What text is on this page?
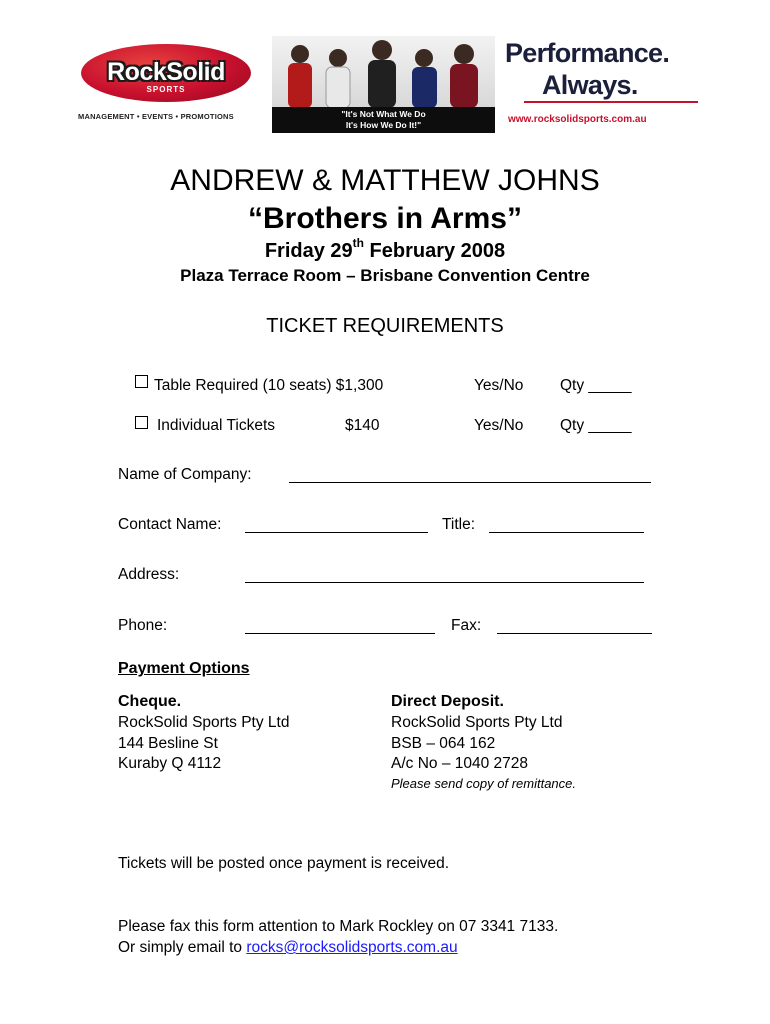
RockSolid
SPORTS
MANAGEMENT • EVENTS • PROMOTIONS	"It's Not What We Do
It's How We Do It!"
Performance.
Always.
www.rocksolidsports.com.au
ANDREW & MATTHEW JOHNS
“Brothers in Arms”
Friday 29th February 2008
Plaza Terrace Room – Brisbane Convention Centre
TICKET REQUIREMENTS
Table Required (10 seats) $1,300	Yes/No Qty _____
Individual Tickets	$140	Yes/No Qty _____
Name of Company:
Contact Name:	Title:
Address:
Phone:	Fax:
Payment Options
Cheque.
RockSolid Sports Pty Ltd
144 Besline St
Kuraby Q 4112
Direct Deposit.
RockSolid Sports Pty Ltd
BSB – 064 162
A/c No – 1040 2728
Please send copy of remittance.
Tickets will be posted once payment is received.
Please fax this form attention to Mark Rockley on 07 3341 7133.
Or simply email to rocks@rocksolidsports.com.au
